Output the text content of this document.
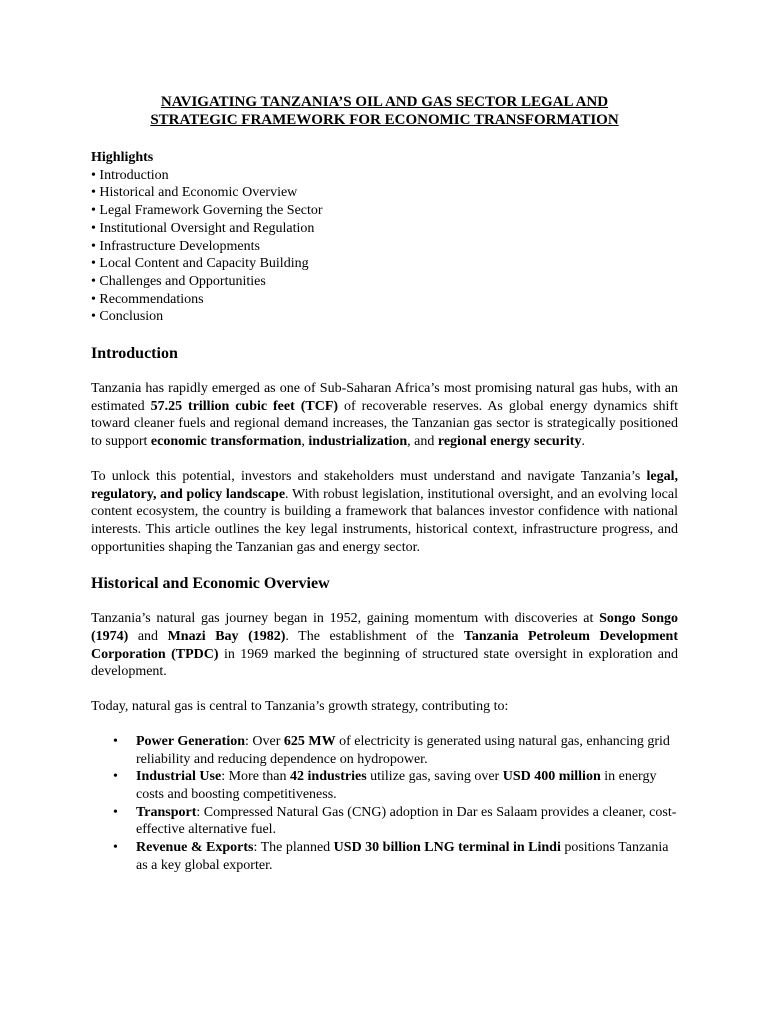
NAVIGATING TANZANIA’S OIL AND GAS SECTOR LEGAL AND
STRATEGIC FRAMEWORK FOR ECONOMIC TRANSFORMATION
Highlights
• Introduction
• Historical and Economic Overview
• Legal Framework Governing the Sector
• Institutional Oversight and Regulation
• Infrastructure Developments
• Local Content and Capacity Building
• Challenges and Opportunities
• Recommendations
• Conclusion
Introduction

Tanzania has rapidly emerged as one of Sub-Saharan Africa’s most promising natural gas hubs, with an estimated 57.25 trillion cubic feet (TCF) of recoverable reserves. As global energy dynamics shift toward cleaner fuels and regional demand increases, the Tanzanian gas sector is strategically positioned to support economic transformation, industrialization, and regional energy security.

To unlock this potential, investors and stakeholders must understand and navigate Tanzania’s legal, regulatory, and policy landscape. With robust legislation, institutional oversight, and an evolving local content ecosystem, the country is building a framework that balances investor confidence with national interests. This article outlines the key legal instruments, historical context, infrastructure progress, and opportunities shaping the Tanzanian gas and energy sector.

Historical and Economic Overview

Tanzania’s natural gas journey began in 1952, gaining momentum with discoveries at Songo Songo (1974) and Mnazi Bay (1982). The establishment of the Tanzania Petroleum Development Corporation (TPDC) in 1969 marked the beginning of structured state oversight in exploration and development.

Today, natural gas is central to Tanzania’s growth strategy, contributing to:

• Power Generation: Over 625 MW of electricity is generated using natural gas, enhancing grid reliability and reducing dependence on hydropower.
• Industrial Use: More than 42 industries utilize gas, saving over USD 400 million in energy costs and boosting competitiveness.
• Transport: Compressed Natural Gas (CNG) adoption in Dar es Salaam provides a cleaner, cost-effective alternative fuel.
• Revenue & Exports: The planned USD 30 billion LNG terminal in Lindi positions Tanzania as a key global exporter.
